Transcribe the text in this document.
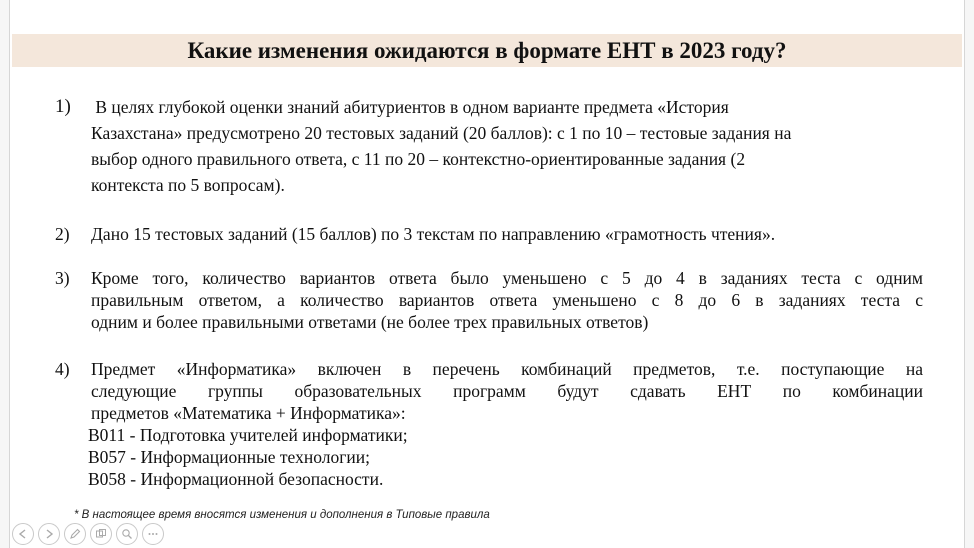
Какие изменения ожидаются в формате ЕНТ в 2023 году?
1) В целях глубокой оценки знаний абитуриентов в одном варианте предмета «История
Казахстана» предусмотрено 20 тестовых заданий (20 баллов): с 1 по 10 – тестовые задания на
выбор одного правильного ответа, с 11 по 20 – контекстно-ориентированные задания (2
контекста по 5 вопросам).
2) Дано 15 тестовых заданий (15 баллов) по 3 текстам по направлению «грамотность чтения».
3) Кроме того, количество вариантов ответа было уменьшено с 5 до 4 в заданиях теста с одним
правильным ответом, а количество вариантов ответа уменьшено с 8 до 6 в заданиях теста с
одним и более правильными ответами (не более трех правильных ответов)
4) Предмет «Информатика» включен в перечень комбинаций предметов, т.е. поступающие на
следующие группы образовательных программ будут сдавать ЕНТ по комбинации
предметов «Математика + Информатика»:
B011 - Подготовка учителей информатики;
B057 - Информационные технологии;
B058 - Информационной безопасности.
* В настоящее время вносятся изменения и дополнения в Типовые правила
